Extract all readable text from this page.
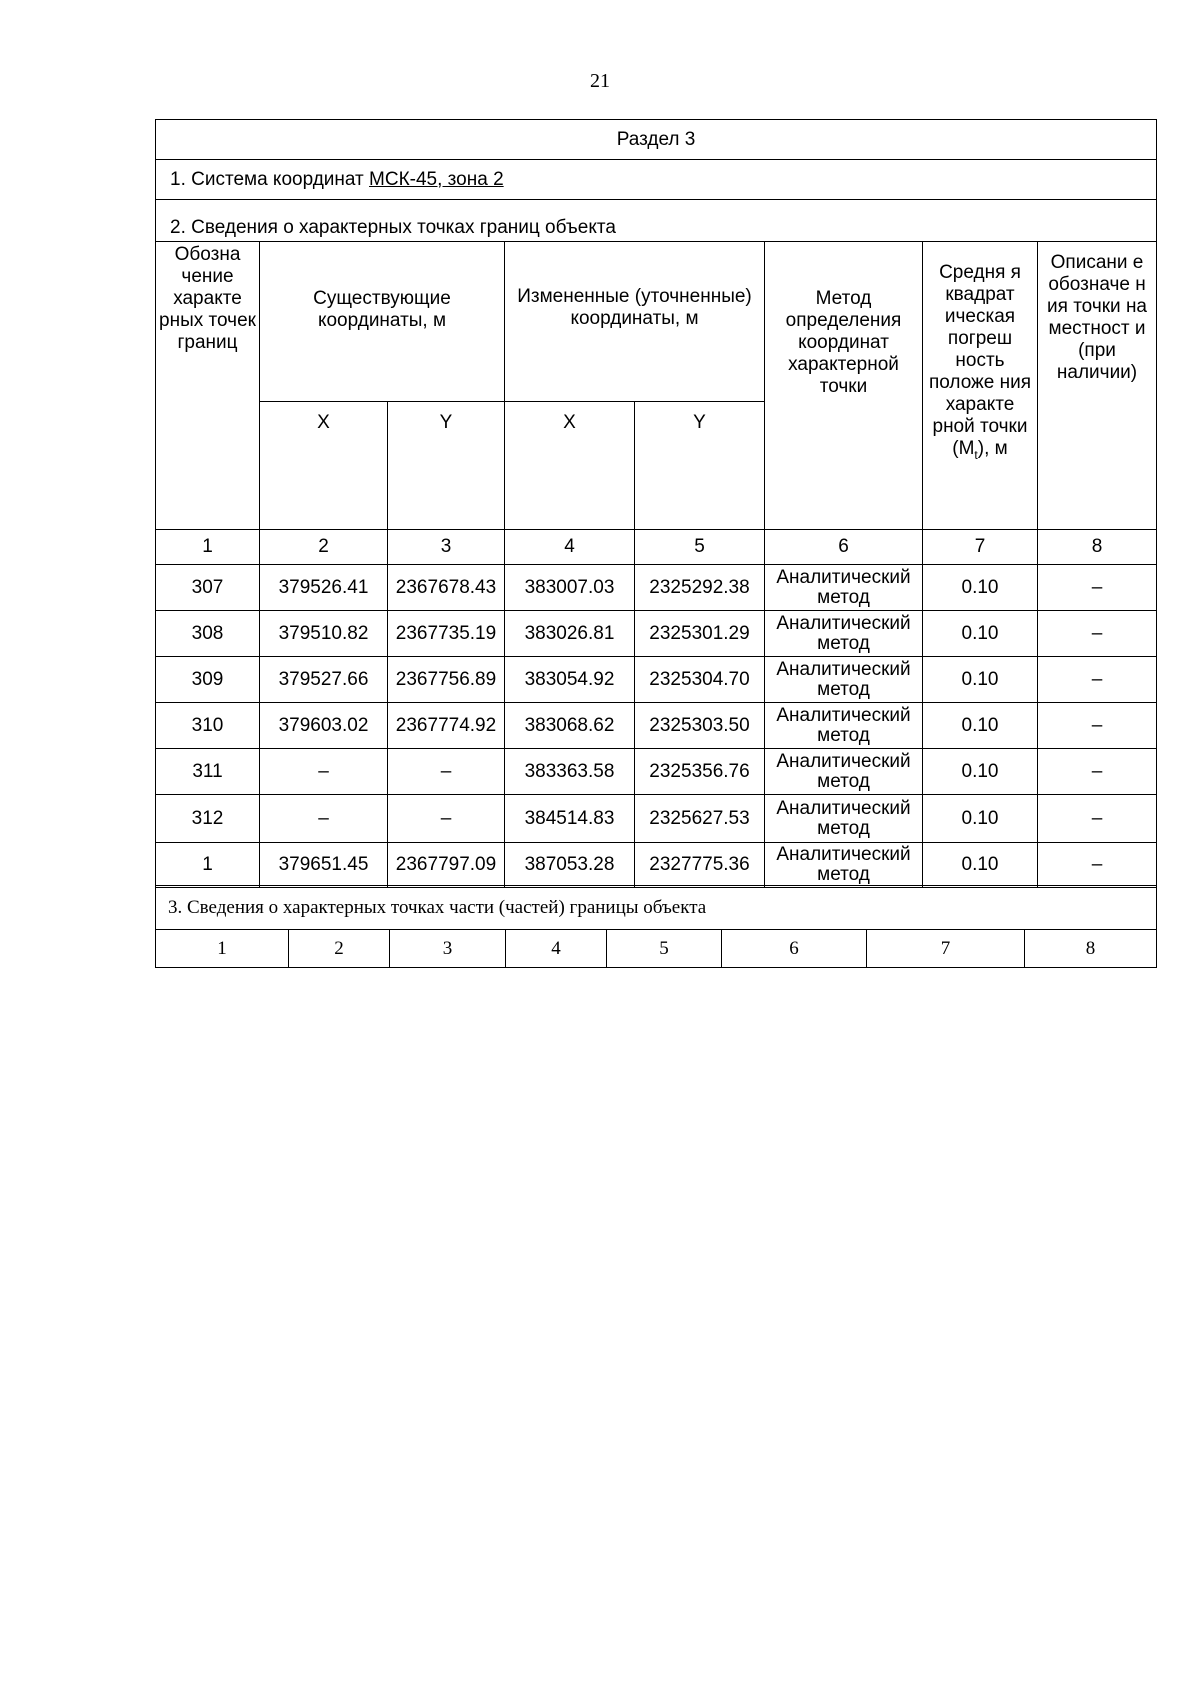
21
Раздел 3							
1. Система координат МСК-45, зона 2							
2. Сведения о характерных точках границ объекта							
Обозна чение характе рных точек границ	Существующие координаты, м		Измененные (уточненные) координаты, м		Метод определения координат характерной точки	Средня я квадрат ическая погреш ность положе ния характе рной точки $(M_t)$, м	Описани е обозначе н ия точки на местност и (при наличии)
	X	Y	X	Y			
1	2	3	4	5	6	7	8
307	379526.41	2367678.43	383007.03	2325292.38	Аналитический метод	0.10	–
308	379510.82	2367735.19	383026.81	2325301.29	Аналитический метод	0.10	–
309	379527.66	2367756.89	383054.92	2325304.70	Аналитический метод	0.10	–
310	379603.02	2367774.92	383068.62	2325303.50	Аналитический метод	0.10	–
311	–	–	383363.58	2325356.76	Аналитический метод	0.10	–
312	–	–	384514.83	2325627.53	Аналитический метод	0.10	–
1	379651.45	2367797.09	387053.28	2327775.36	Аналитический метод	0.10	–
3. Сведения о характерных точках части (частей) границы объекта
1	2	3	4	5	6	7	8
